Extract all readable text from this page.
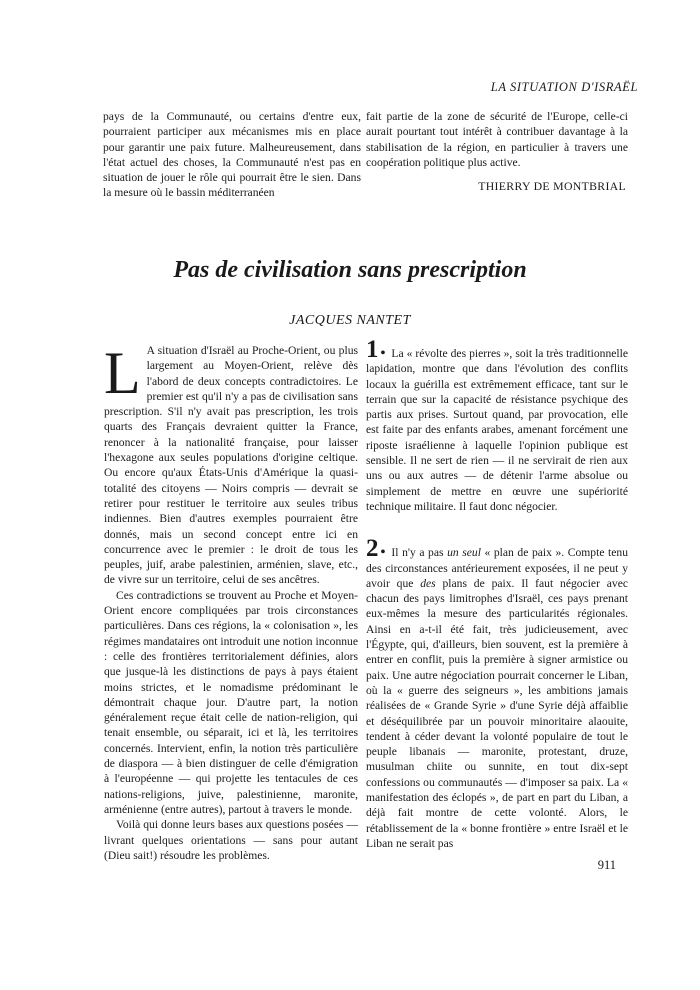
LA SITUATION D'ISRAËL

pays de la Communauté, ou certains d'entre eux, pourraient participer aux mécanismes mis en place pour garantir une paix future. Malheureusement, dans l'état actuel des choses, la Communauté n'est pas en situation de jouer le rôle qui pourrait être le sien. Dans la mesure où le bassin méditerranéen

fait partie de la zone de sécurité de l'Europe, celle-ci aurait pourtant tout intérêt à contribuer davantage à la stabilisation de la région, en particulier à travers une coopération politique plus active.

THIERRY DE MONTBRIAL
Pas de civilisation sans prescription
JACQUES NANTET

L A situation d'Israël au Proche-Orient, ou plus largement au Moyen-Orient, relève dès l'abord de deux concepts contradictoires. Le premier est qu'il n'y a pas de civilisation sans prescription. S'il n'y avait pas prescription, les trois quarts des Français devraient quitter la France, renoncer à la nationalité française, pour laisser l'hexagone aux seules populations d'origine celtique. Ou encore qu'aux États-Unis d'Amérique la quasi-totalité des citoyens — Noirs compris — devrait se retirer pour restituer le territoire aux seules tribus indiennes. Bien d'autres exemples pourraient être donnés, mais un second concept entre ici en concurrence avec le premier : le droit de tous les peuples, juif, arabe palestinien, arménien, slave, etc., de vivre sur un territoire, celui de ses ancêtres.

Ces contradictions se trouvent au Proche et Moyen-Orient encore compliquées par trois circonstances particulières. Dans ces régions, la « colonisation », les régimes mandataires ont introduit une notion inconnue : celle des frontières territorialement définies, alors que jusque-là les distinctions de pays à pays étaient moins strictes, et le nomadisme prédominant le démontrait chaque jour. D'autre part, la notion généralement reçue était celle de nation-religion, qui tenait ensemble, ou séparait, ici et là, les territoires concernés. Intervient, enfin, la notion très particulière de diaspora — à bien distinguer de celle d'émigration à l'européenne — qui projette les tentacules de ces nations-religions, juive, palestinienne, maronite, arménienne (entre autres), partout à travers le monde.

Voilà qui donne leurs bases aux questions posées — livrant quelques orientations — sans pour autant (Dieu sait!) résoudre les problèmes.

1 • La « révolte des pierres », soit la très traditionnelle lapidation, montre que dans l'évolution des conflits locaux la guérilla est extrêmement efficace, tant sur le terrain que sur la capacité de résistance psychique des partis aux prises. Surtout quand, par provocation, elle est faite par des enfants arabes, amenant forcément une riposte israélienne à laquelle l'opinion publique est sensible. Il ne sert de rien — il ne servirait de rien aux uns ou aux autres — de détenir l'arme absolue ou simplement de mettre en œuvre une supériorité technique militaire. Il faut donc négocier.

2 • Il n'y a pas un seul « plan de paix ». Compte tenu des circonstances antérieurement exposées, il ne peut y avoir que des plans de paix. Il faut négocier avec chacun des pays limitrophes d'Israël, ces pays prenant eux-mêmes la mesure des particularités régionales. Ainsi en a-t-il été fait, très judicieusement, avec l'Égypte, qui, d'ailleurs, bien souvent, est la première à entrer en conflit, puis la première à signer armistice ou paix. Une autre négociation pourrait concerner le Liban, où la « guerre des seigneurs », les ambitions jamais réalisées de « Grande Syrie » d'une Syrie déjà affaiblie et déséquilibrée par un pouvoir minoritaire alaouite, tendent à céder devant la volonté populaire de tout le peuple libanais — maronite, protestant, druze, musulman chiite ou sunnite, en tout dix-sept confessions ou communautés — d'imposer sa paix. La « manifestation des éclopés », de part en part du Liban, a déjà fait montre de cette volonté. Alors, le rétablissement de la « bonne frontière » entre Israël et le Liban ne serait pas

911
